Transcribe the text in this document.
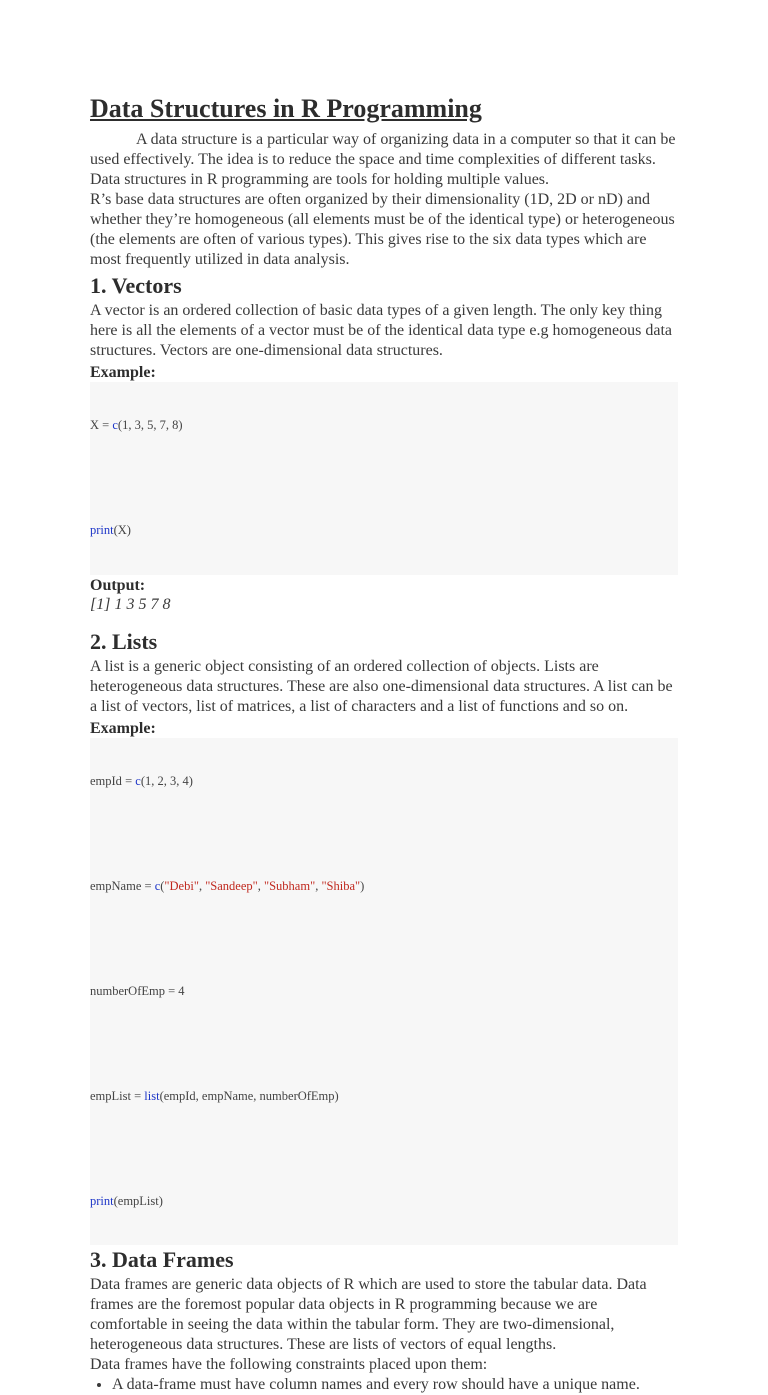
Data Structures in R Programming

A data structure is a particular way of organizing data in a computer so that it can be used effectively. The idea is to reduce the space and time complexities of different tasks. Data structures in R programming are tools for holding multiple values.

R’s base data structures are often organized by their dimensionality (1D, 2D or nD) and whether they’re homogeneous (all elements must be of the identical type) or heterogeneous (the elements are often of various types). This gives rise to the six data types which are most frequently utilized in data analysis.

1. Vectors

A vector is an ordered collection of basic data types of a given length. The only key thing here is all the elements of a vector must be of the identical data type e.g homogeneous data structures. Vectors are one-dimensional data structures.

Example:

X = c(1, 3, 5, 7, 8)

print(X)

Output:
[1] 1 3 5 7 8
2. Lists

A list is a generic object consisting of an ordered collection of objects. Lists are heterogeneous data structures. These are also one-dimensional data structures. A list can be a list of vectors, list of matrices, a list of characters and a list of functions and so on.

Example:

empId = c(1, 2, 3, 4)

empName = c("Debi", "Sandeep", "Subham", "Shiba")

numberOfEmp = 4

empList = list(empId, empName, numberOfEmp)

print(empList)

3. Data Frames

Data frames are generic data objects of R which are used to store the tabular data. Data frames are the foremost popular data objects in R programming because we are comfortable in seeing the data within the tabular form. They are two-dimensional, heterogeneous data structures. These are lists of vectors of equal lengths.

Data frames have the following constraints placed upon them:

• A data-frame must have column names and every row should have a unique name.
